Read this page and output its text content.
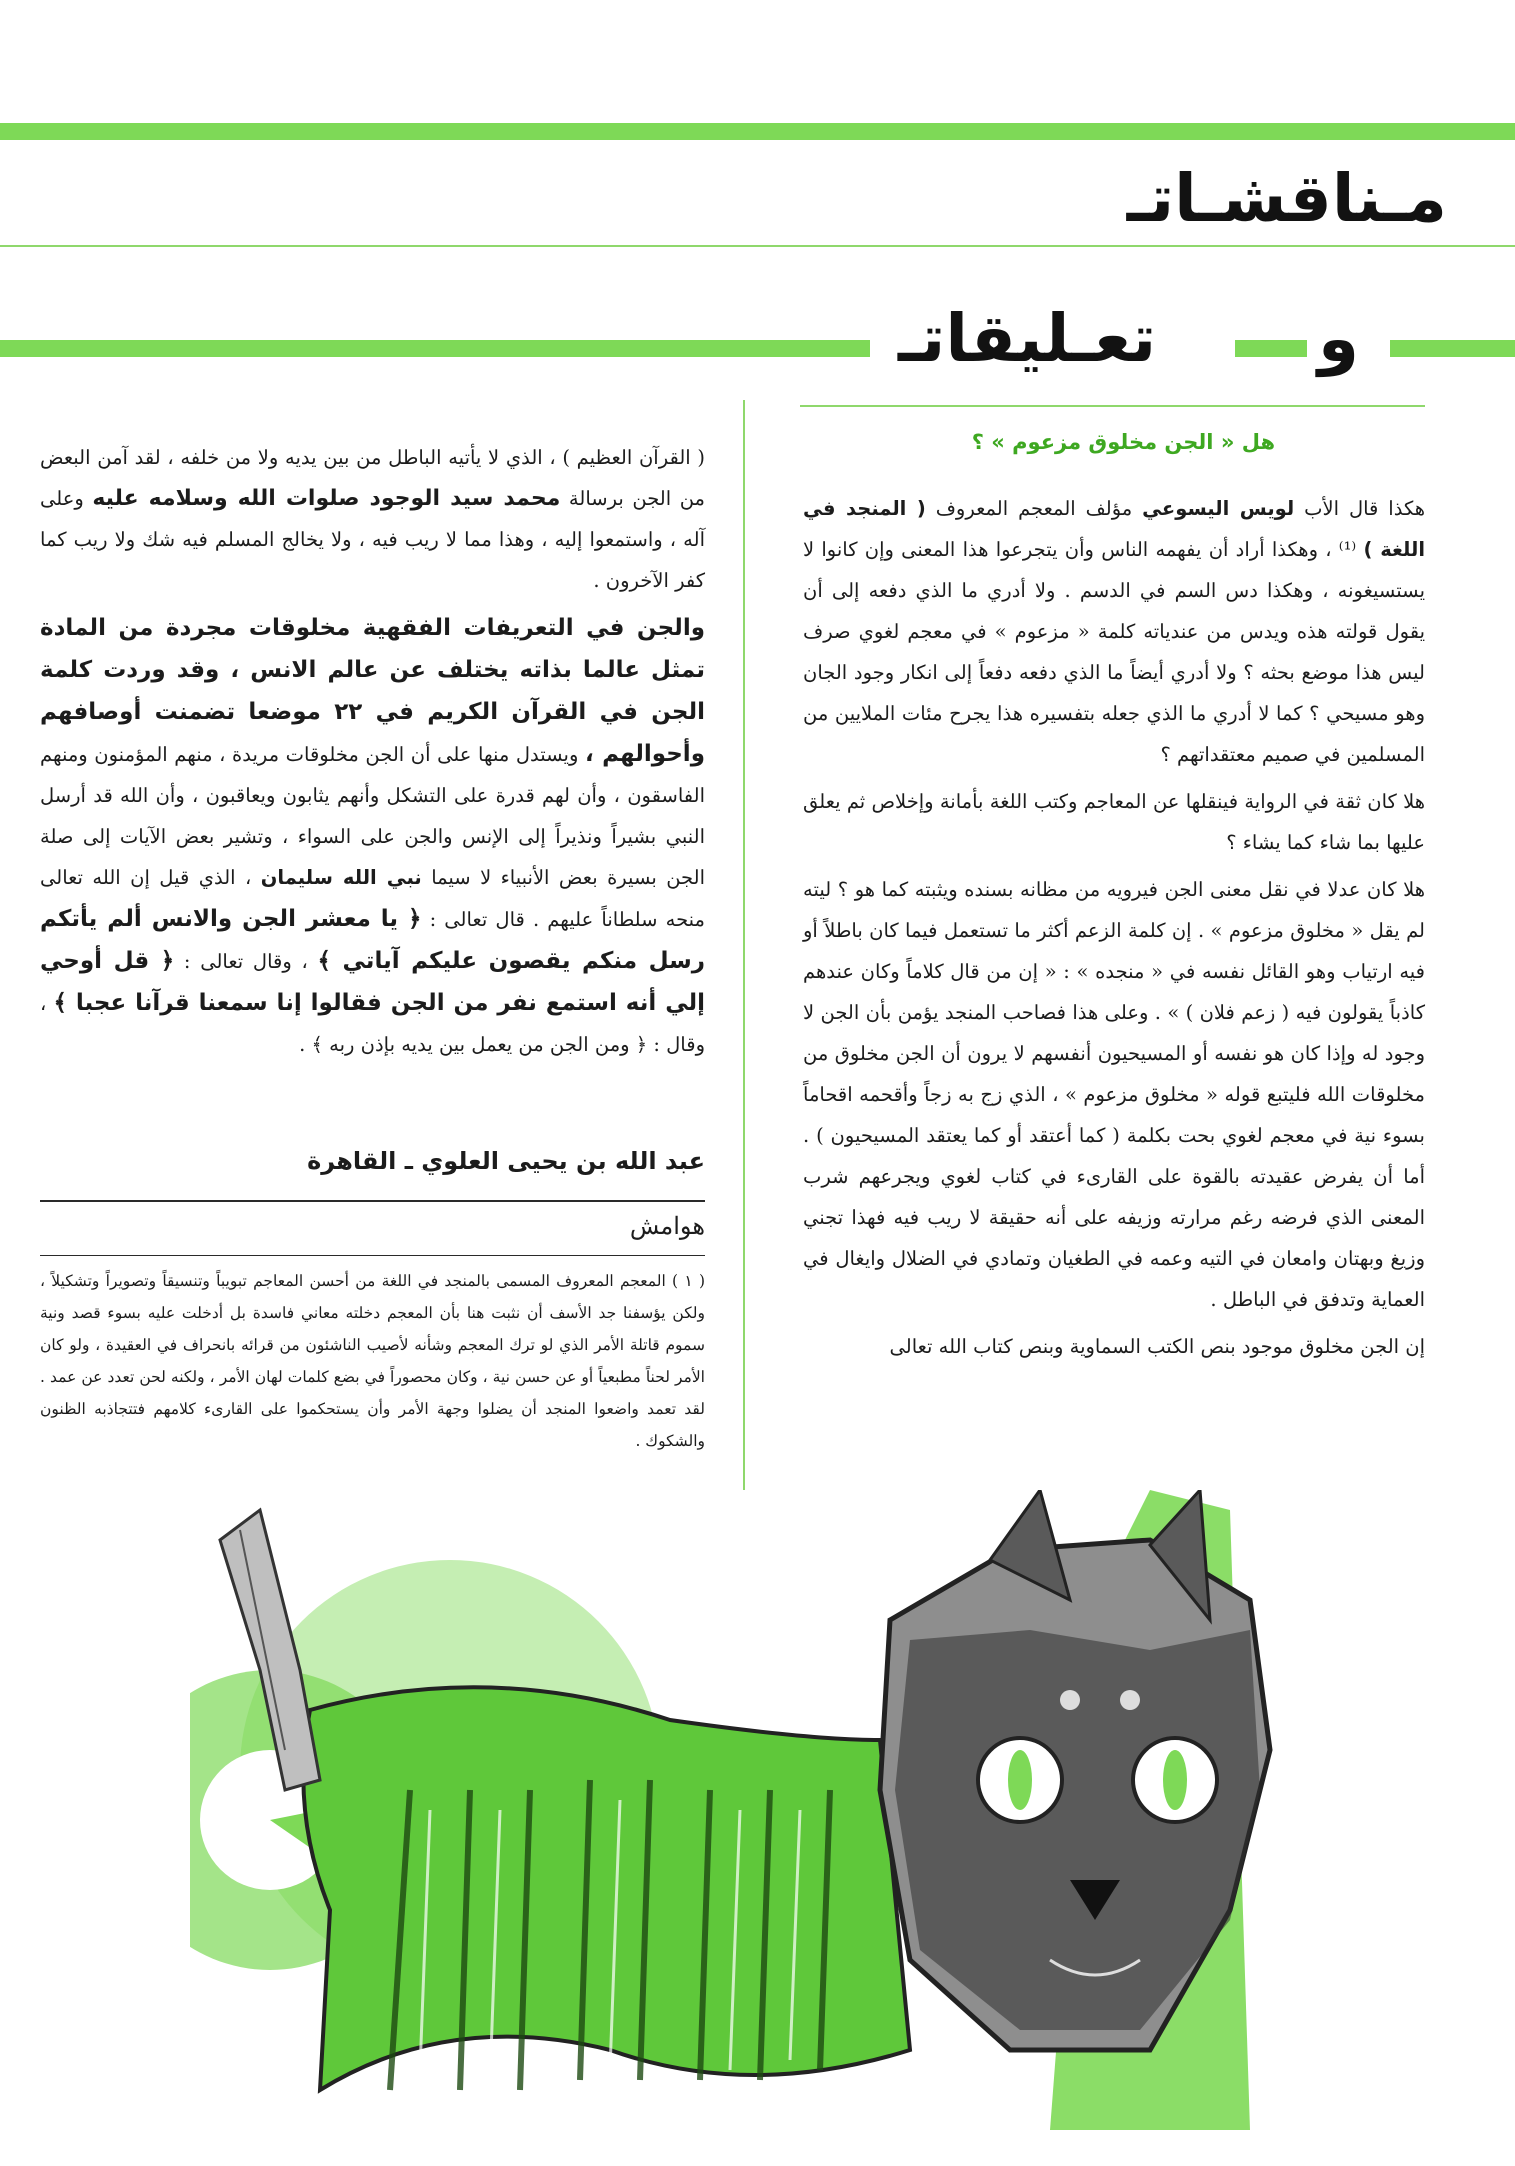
مـناقشـاتـ
و
تعـليقاتـ
هل « الجن مخلوق مزعوم » ؟

هكذا قال الأب لويس اليسوعي مؤلف المعجم المعروف ( المنجد في اللغة ) ⁽¹⁾ ، وهكذا أراد أن يفهمه الناس وأن يتجرعوا هذا المعنى وإن كانوا لا يستسيغونه ، وهكذا دس السم في الدسم . ولا أدري ما الذي دفعه إلى أن يقول قولته هذه ويدس من عندياته كلمة « مزعوم » في معجم لغوي صرف ليس هذا موضع بحثه ؟ ولا أدري أيضاً ما الذي دفعه دفعاً إلى انكار وجود الجان وهو مسيحي ؟ كما لا أدري ما الذي جعله بتفسيره هذا يجرح مئات الملايين من المسلمين في صميم معتقداتهم ؟

هلا كان ثقة في الرواية فينقلها عن المعاجم وكتب اللغة بأمانة وإخلاص ثم يعلق عليها بما شاء كما يشاء ؟

هلا كان عدلا في نقل معنى الجن فيرويه من مظانه بسنده ويثبته كما هو ؟ ليته لم يقل « مخلوق مزعوم » . إن كلمة الزعم أكثر ما تستعمل فيما كان باطلاً أو فيه ارتياب وهو القائل نفسه في « منجده » : « إن من قال كلاماً وكان عندهم كاذباً يقولون فيه ( زعم فلان ) » . وعلى هذا فصاحب المنجد يؤمن بأن الجن لا وجود له وإذا كان هو نفسه أو المسيحيون أنفسهم لا يرون أن الجن مخلوق من مخلوقات الله فليتبع قوله « مخلوق مزعوم » ، الذي زج به زجاً وأقحمه اقحاماً بسوء نية في معجم لغوي بحت بكلمة ( كما أعتقد أو كما يعتقد المسيحيون ) . أما أن يفرض عقيدته بالقوة على القارىء في كتاب لغوي ويجرعهم شرب المعنى الذي فرضه رغم مرارته وزيفه على أنه حقيقة لا ريب فيه فهذا تجني وزيغ وبهتان وامعان في التيه وعمه في الطغيان وتمادي في الضلال وايغال في العماية وتدفق في الباطل .

إن الجن مخلوق موجود بنص الكتب السماوية وبنص كتاب الله تعالى

( القرآن العظيم ) ، الذي لا يأتيه الباطل من بين يديه ولا من خلفه ، لقد آمن البعض من الجن برسالة محمد سيد الوجود صلوات الله وسلامه عليه وعلى آله ، واستمعوا إليه ، وهذا مما لا ريب فيه ، ولا يخالج المسلم فيه شك ولا ريب كما كفر الآخرون .

والجن في التعريفات الفقهية مخلوقات مجردة من المادة تمثل عالما بذاته يختلف عن عالم الانس ، وقد وردت كلمة الجن في القرآن الكريم في ٢٢ موضعا تضمنت أوصافهم وأحوالهم ، ويستدل منها على أن الجن مخلوقات مريدة ، منهم المؤمنون ومنهم الفاسقون ، وأن لهم قدرة على التشكل وأنهم يثابون ويعاقبون ، وأن الله قد أرسل النبي بشيراً ونذيراً إلى الإنس والجن على السواء ، وتشير بعض الآيات إلى صلة الجن بسيرة بعض الأنبياء لا سيما نبي الله سليمان ، الذي قيل إن الله تعالى منحه سلطاناً عليهم . قال تعالى : ﴿ يا معشر الجن والانس ألم يأتكم رسل منكم يقصون عليكم آياتي ﴾ ، وقال تعالى : ﴿ قل أوحي إلي أنه استمع نفر من الجن فقالوا إنا سمعنا قرآنا عجبا ﴾ ، وقال : ﴿ ومن الجن من يعمل بين يديه بإذن ربه ﴾ .

عبد الله بن يحيى العلوي ـ القاهرة
هوامش
( ١ ) المعجم المعروف المسمى بالمنجد في اللغة من أحسن المعاجم تبويباً وتنسيقاً وتصويراً وتشكيلاً ، ولكن يؤسفنا جد الأسف أن نثبت هنا بأن المعجم دخلته معاني فاسدة بل أدخلت عليه بسوء قصد ونية سموم قاتلة الأمر الذي لو ترك المعجم وشأنه لأصيب الناشئون من قرائه بانحراف في العقيدة ، ولو كان الأمر لحناً مطبعياً أو عن حسن نية ، وكان محصوراً في بضع كلمات لهان الأمر ، ولكنه لحن تعدد عن عمد . لقد تعمد واضعوا المنجد أن يضلوا وجهة الأمر وأن يستحكموا على القارىء كلامهم فتتجاذبه الظنون والشكوك .
